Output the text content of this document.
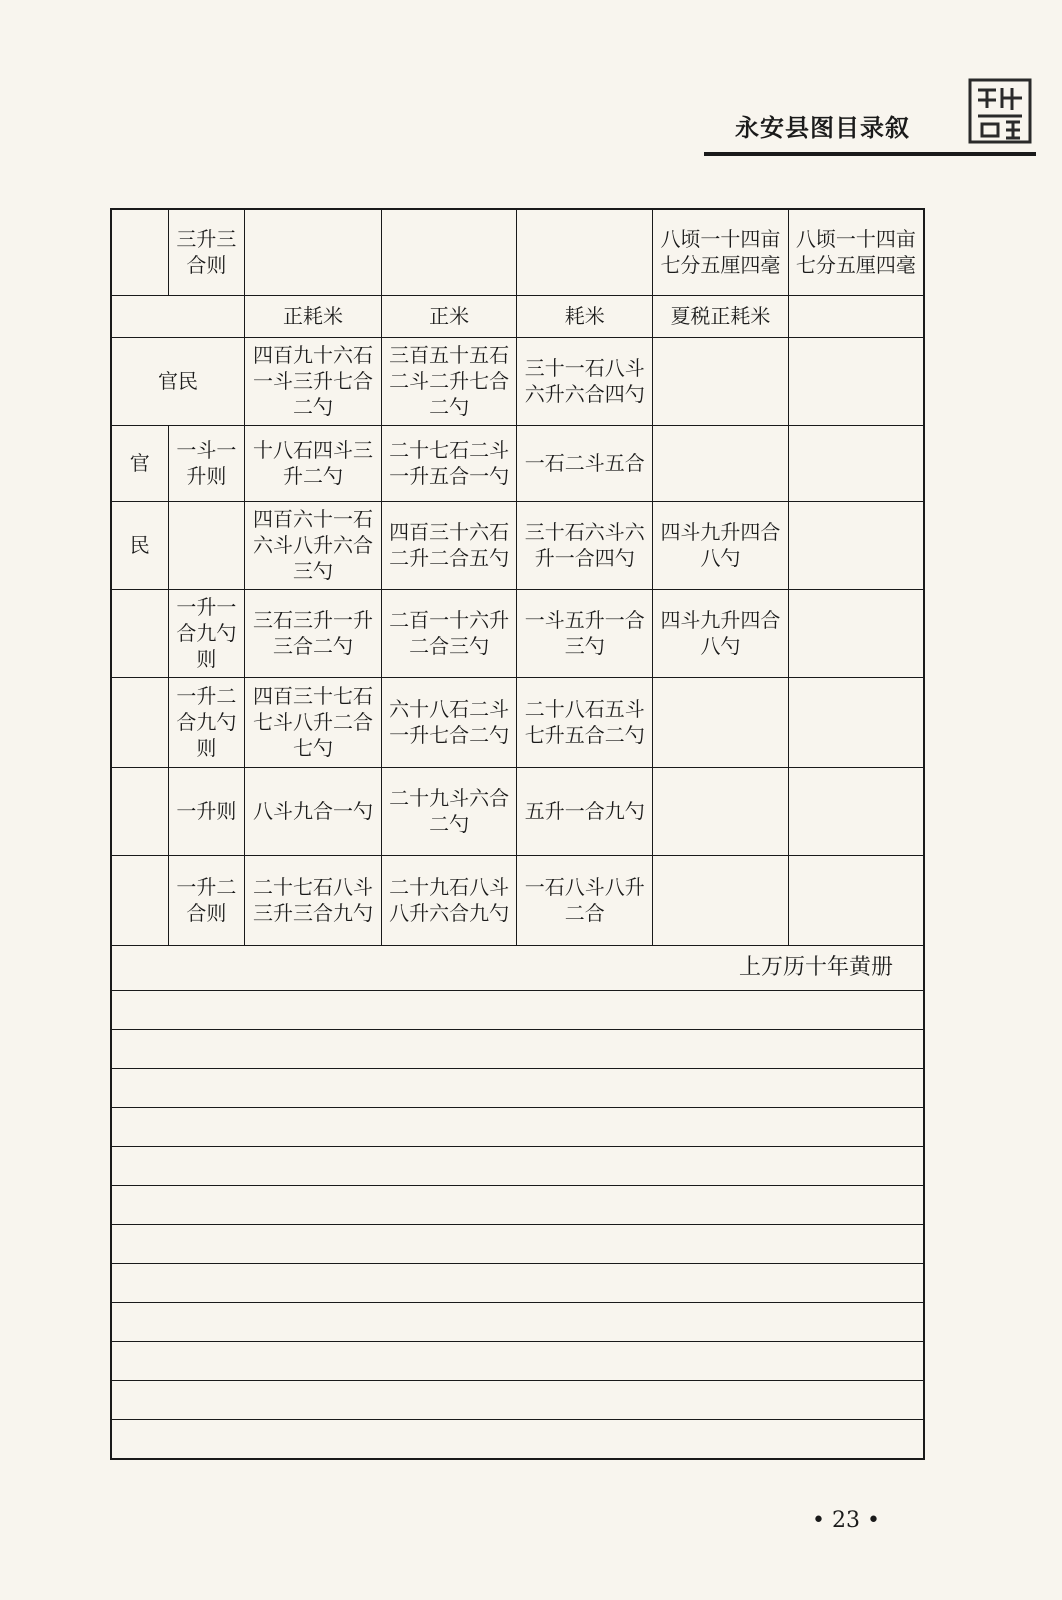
永安县图目录叙
	三升三合则				八顷一十四亩七分五厘四毫	八顷一十四亩七分五厘四毫
		正耗米	正米	耗米	夏税正耗米	
官民		四百九十六石一斗三升七合二勺	三百五十五石二斗二升七合二勺	三十一石八斗六升六合四勺		
官	一斗一升则	十八石四斗三升二勺	二十七石二斗一升五合一勺	一石二斗五合		
民		四百六十一石六斗八升六合三勺	四百三十六石二升二合五勺	三十石六斗六升一合四勺	四斗九升四合八勺	
	一升一合九勺则	三石三升一升三合二勺	二百一十六升二合三勺	一斗五升一合三勺	四斗九升四合八勺	
	一升二合九勺则	四百三十七石七斗八升二合七勺	六十八石二斗一升七合二勺	二十八石五斗七升五合二勺		
	一升则	八斗九合一勺	二十九斗六合二勺	五升一合九勺		
	一升二合则	二十七石八斗三升三合九勺	二十九石八斗八升六合九勺	一石八斗八升二合		
上万历十年黄册						

• 23 •
